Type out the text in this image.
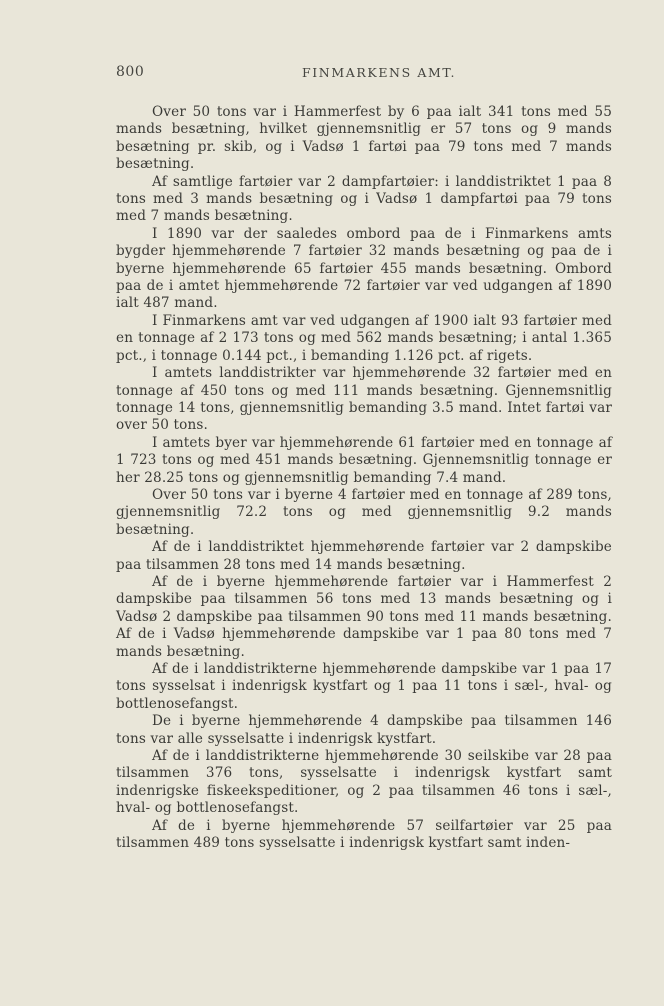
800	FINMARKENS AMT.

Over 50 tons var i Hammerfest by 6 paa ialt 341 tons med 55 mands besætning, hvilket gjennemsnitlig er 57 tons og 9 mands besætning pr. skib, og i Vadsø 1 fartøi paa 79 tons med 7 mands besætning.

Af samtlige fartøier var 2 dampfartøier: i landdistriktet 1 paa 8 tons med 3 mands besætning og i Vadsø 1 dampfartøi paa 79 tons med 7 mands besætning.

I 1890 var der saaledes ombord paa de i Finmarkens amts bygder hjemmehørende 7 fartøier 32 mands besætning og paa de i byerne hjemmehørende 65 fartøier 455 mands besætning. Ombord paa de i amtet hjemmehørende 72 fartøier var ved udgangen af 1890 ialt 487 mand.

I Finmarkens amt var ved udgangen af 1900 ialt 93 fartøier med en tonnage af 2 173 tons og med 562 mands besætning; i antal 1.365 pct., i tonnage 0.144 pct., i bemanding 1.126 pct. af rigets.

I amtets landdistrikter var hjemmehørende 32 fartøier med en tonnage af 450 tons og med 111 mands besætning. Gjennemsnitlig tonnage 14 tons, gjennemsnitlig bemanding 3.5 mand. Intet fartøi var over 50 tons.

I amtets byer var hjemmehørende 61 fartøier med en tonnage af 1 723 tons og med 451 mands besætning. Gjennemsnitlig tonnage er her 28.25 tons og gjennemsnitlig bemanding 7.4 mand.

Over 50 tons var i byerne 4 fartøier med en tonnage af 289 tons, gjennemsnitlig 72.2 tons og med gjennemsnitlig 9.2 mands besætning.

Af de i landdistriktet hjemmehørende fartøier var 2 dampskibe paa tilsammen 28 tons med 14 mands besætning.

Af de i byerne hjemmehørende fartøier var i Hammerfest 2 dampskibe paa tilsammen 56 tons med 13 mands besætning og i Vadsø 2 dampskibe paa tilsammen 90 tons med 11 mands besætning. Af de i Vadsø hjemmehørende dampskibe var 1 paa 80 tons med 7 mands besætning.

Af de i landdistrikterne hjemmehørende dampskibe var 1 paa 17 tons sysselsat i indenrigsk kystfart og 1 paa 11 tons i sæl-, hval- og bottlenosefangst.

De i byerne hjemmehørende 4 dampskibe paa tilsammen 146 tons var alle sysselsatte i indenrigsk kystfart.

Af de i landdistrikterne hjemmehørende 30 seilskibe var 28 paa tilsammen 376 tons, sysselsatte i indenrigsk kystfart samt indenrigske fiskeekspeditioner, og 2 paa tilsammen 46 tons i sæl-, hval- og bottlenosefangst.

Af de i byerne hjemmehørende 57 seilfartøier var 25 paa tilsammen 489 tons sysselsatte i indenrigsk kystfart samt inden-
